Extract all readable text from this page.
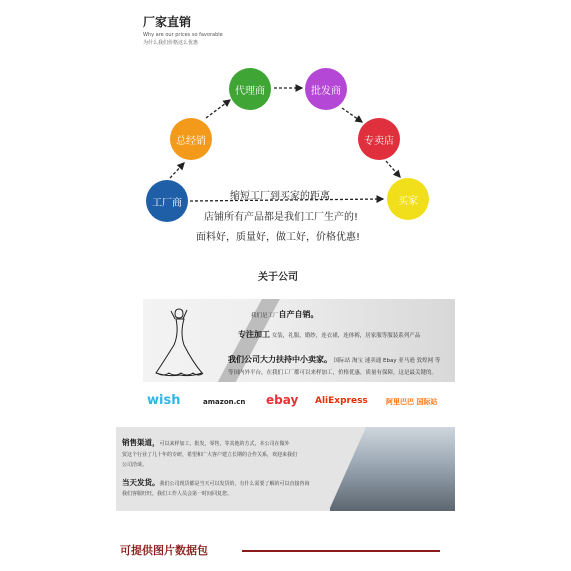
厂家直销
Why are our prices so favorable
为什么我们价格这么优惠
工厂商
总经销
代理商	批发商
专卖店
买家
缩短工厂到买家的距离
店铺所有产品都是我们工厂生产的!
面料好，质量好，做工好，价格优惠!
关于公司
我们是工厂自产自销。
专注加工 女装，礼服，婚纱，连衣裙，连体裤，居家服等服装系列产品
我们公司大力扶持中小卖家。 国际站 淘宝 速卖通 Ebay 亚马逊 敦煌网 等
等国内外平台，在我们工厂都可以来样加工，价格优惠，质量有保障，这是最关键的。
wish	amazon.cn ebay AliExpress	阿里巴巴 国际站
销售渠道，可以来样加工，批发，零售，等其他的方式，本公司在做外
贸这个行业了几十年的专研，希望和广大客户建立长期的合作关系，欢迎来我们
公司洽谈。
当天发货。我们公司现货都是当天可以发货的，有什么需要了解的可以直接咨询
我们客服旺旺，我们工作人员会第一时间回复您。
可提供图片数据包
